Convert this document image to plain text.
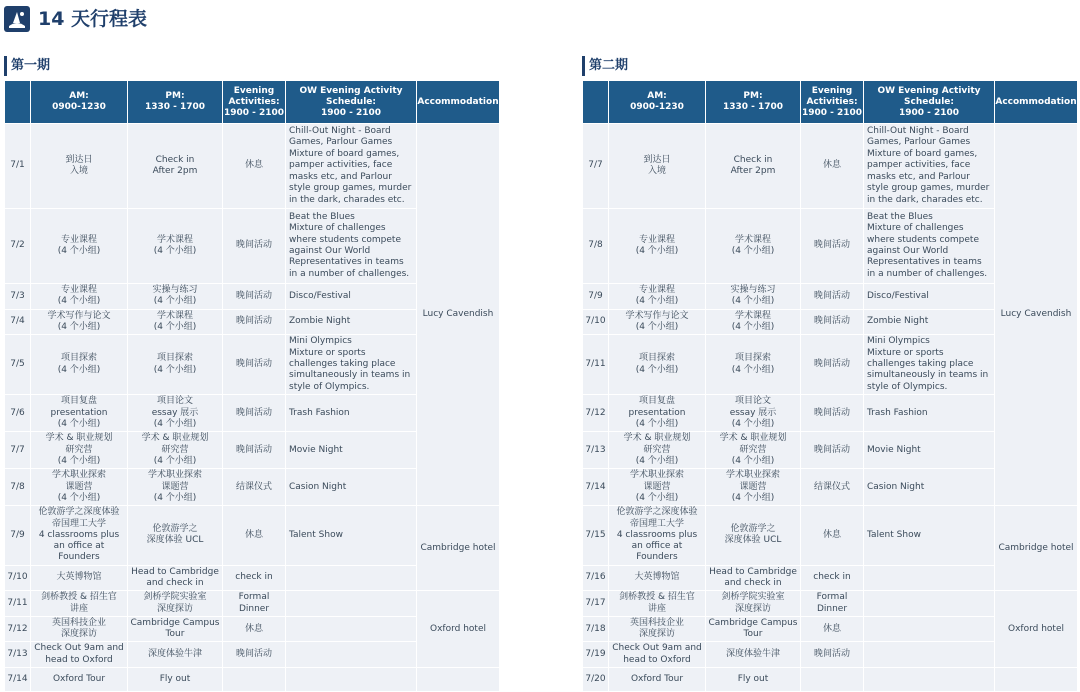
14 天行程表
第一期
	AM:
0900-1230	PM:
1330 - 1700	Evening
Activities:
1900 - 2100	OW Evening Activity
Schedule:
1900 - 2100	Accommodation
7/1	到达日
入境	Check in
After 2pm	休息	Chill-Out Night - Board Games, Parlour Games
Mixture of board games, pamper activities, face masks etc, and Parlour style group games, murder in the dark, charades etc.	Lucy Cavendish
7/2	专业课程
(4 个小组)	学术课程
(4 个小组)	晚间活动	Beat the Blues
Mixture of challenges where students compete against Our World Representatives in teams in a number of challenges.	
7/3	专业课程
(4 个小组)	实操与练习
(4 个小组)	晚间活动	Disco/Festival	
7/4	学术写作与论文
(4 个小组)	学术课程
(4 个小组)	晚间活动	Zombie Night	
7/5	项目探索
(4 个小组)	项目探索
(4 个小组)	晚间活动	Mini Olympics
Mixture or sports challenges taking place simultaneously in teams in style of Olympics.	
7/6	项目复盘
presentation
(4 个小组)	项目论文
essay 展示
(4 个小组)	晚间活动	Trash Fashion	
7/7	学术 & 职业规划
研究营
(4 个小组)	学术 & 职业规划
研究营
(4 个小组)	晚间活动	Movie Night	
7/8	学术职业探索
课题营
(4 个小组)	学术职业探索
课题营
(4 个小组)	结课仪式	Casion Night	
7/9	伦敦游学之深度体验
帝国理工大学
4 classrooms plus an office at Founders	伦敦游学之
深度体验 UCL	休息	Talent Show	Cambridge hotel
7/10	大英博物馆	Head to Cambridge
and check in	check in		
7/11	剑桥教授 & 招生官
讲座	剑桥学院实验室
深度探访	Formal
Dinner		Oxford hotel
7/12	英国科技企业
深度探访	Cambridge Campus
Tour	休息		
7/13	Check Out 9am and
head to Oxford	深度体验牛津	晚间活动		
7/14	Oxford Tour	Fly out			
第二期
	AM:
0900-1230	PM:
1330 - 1700	Evening
Activities:
1900 - 2100	OW Evening Activity
Schedule:
1900 - 2100	Accommodation
7/7	到达日
入境	Check in
After 2pm	休息	Chill-Out Night - Board Games, Parlour Games
Mixture of board games, pamper activities, face masks etc, and Parlour style group games, murder in the dark, charades etc.	Lucy Cavendish
7/8	专业课程
(4 个小组)	学术课程
(4 个小组)	晚间活动	Beat the Blues
Mixture of challenges where students compete against Our World Representatives in teams in a number of challenges.	
7/9	专业课程
(4 个小组)	实操与练习
(4 个小组)	晚间活动	Disco/Festival	
7/10	学术写作与论文
(4 个小组)	学术课程
(4 个小组)	晚间活动	Zombie Night	
7/11	项目探索
(4 个小组)	项目探索
(4 个小组)	晚间活动	Mini Olympics
Mixture or sports challenges taking place simultaneously in teams in style of Olympics.	
7/12	项目复盘
presentation
(4 个小组)	项目论文
essay 展示
(4 个小组)	晚间活动	Trash Fashion	
7/13	学术 & 职业规划
研究营
(4 个小组)	学术 & 职业规划
研究营
(4 个小组)	晚间活动	Movie Night	
7/14	学术职业探索
课题营
(4 个小组)	学术职业探索
课题营
(4 个小组)	结课仪式	Casion Night	
7/15	伦敦游学之深度体验
帝国理工大学
4 classrooms plus an office at Founders	伦敦游学之
深度体验 UCL	休息	Talent Show	Cambridge hotel
7/16	大英博物馆	Head to Cambridge
and check in	check in		
7/17	剑桥教授 & 招生官
讲座	剑桥学院实验室
深度探访	Formal
Dinner		Oxford hotel
7/18	英国科技企业
深度探访	Cambridge Campus
Tour	休息		
7/19	Check Out 9am and
head to Oxford	深度体验牛津	晚间活动		
7/20	Oxford Tour	Fly out			
